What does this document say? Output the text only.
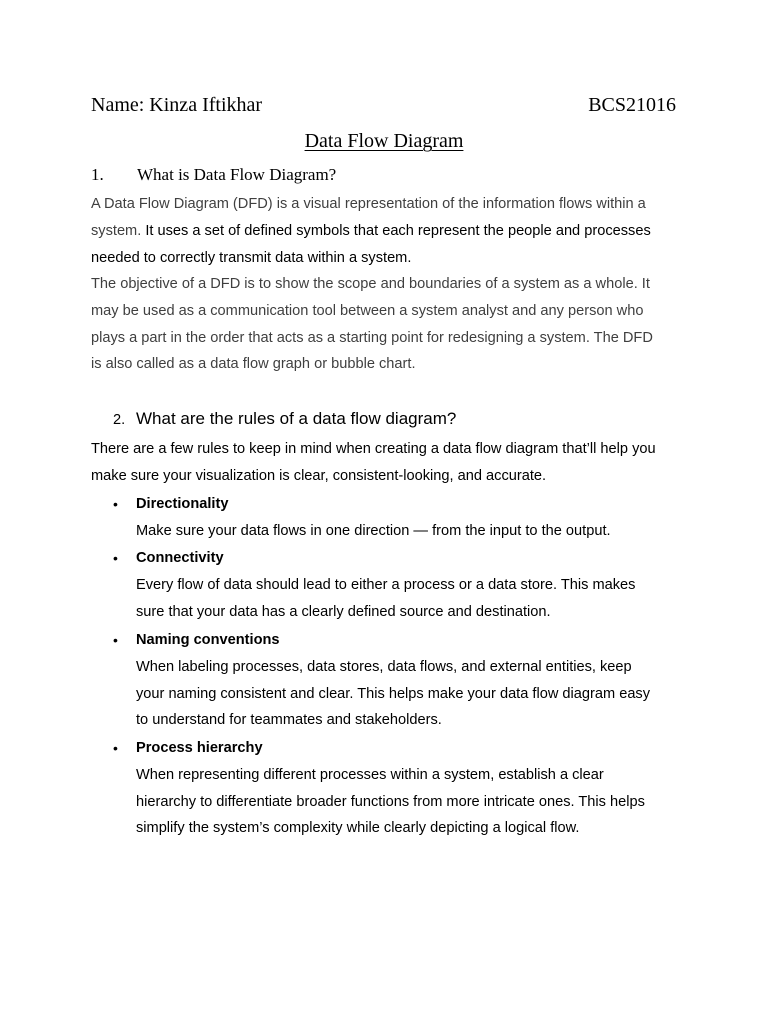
Name: Kinza Iftikhar	BCS21016
Data Flow Diagram
1. What is Data Flow Diagram?
A Data Flow Diagram (DFD) is a visual representation of the information flows within a
system. It uses a set of defined symbols that each represent the people and processes
needed to correctly transmit data within a system.
The objective of a DFD is to show the scope and boundaries of a system as a whole. It
may be used as a communication tool between a system analyst and any person who
plays a part in the order that acts as a starting point for redesigning a system. The DFD
is also called as a data flow graph or bubble chart.
2. What are the rules of a data flow diagram?
There are a few rules to keep in mind when creating a data flow diagram that’ll help you
make sure your visualization is clear, consistent-looking, and accurate.
• Directionality
Make sure your data flows in one direction — from the input to the output.
• Connectivity
Every flow of data should lead to either a process or a data store. This makes
sure that your data has a clearly defined source and destination.
• Naming conventions
When labeling processes, data stores, data flows, and external entities, keep
your naming consistent and clear. This helps make your data flow diagram easy
to understand for teammates and stakeholders.
• Process hierarchy
When representing different processes within a system, establish a clear
hierarchy to differentiate broader functions from more intricate ones. This helps
simplify the system’s complexity while clearly depicting a logical flow.
